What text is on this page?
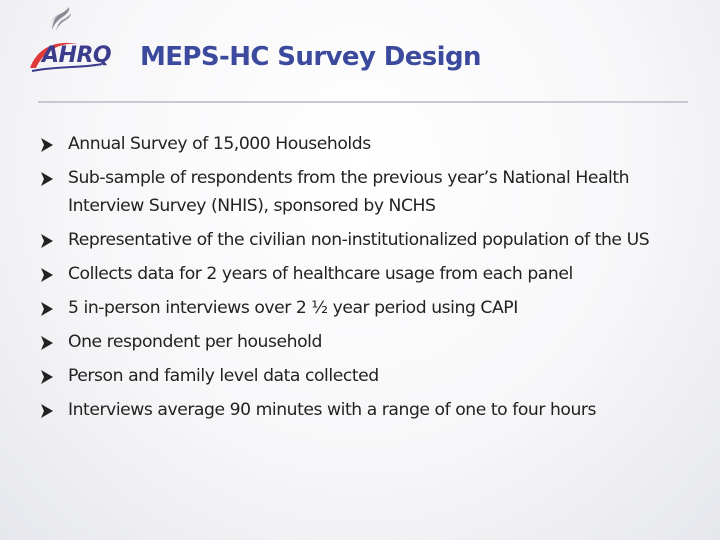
AHRQ MEPS-HC Survey Design
Annual Survey of 15,000 Households
Sub-sample of respondents from the previous year’s National Health Interview Survey (NHIS), sponsored by NCHS
Representative of the civilian non-institutionalized population of the US
Collects data for 2 years of healthcare usage from each panel
5 in-person interviews over 2 ½ year period using CAPI
One respondent per household
Person and family level data collected
Interviews average 90 minutes with a range of one to four hours
